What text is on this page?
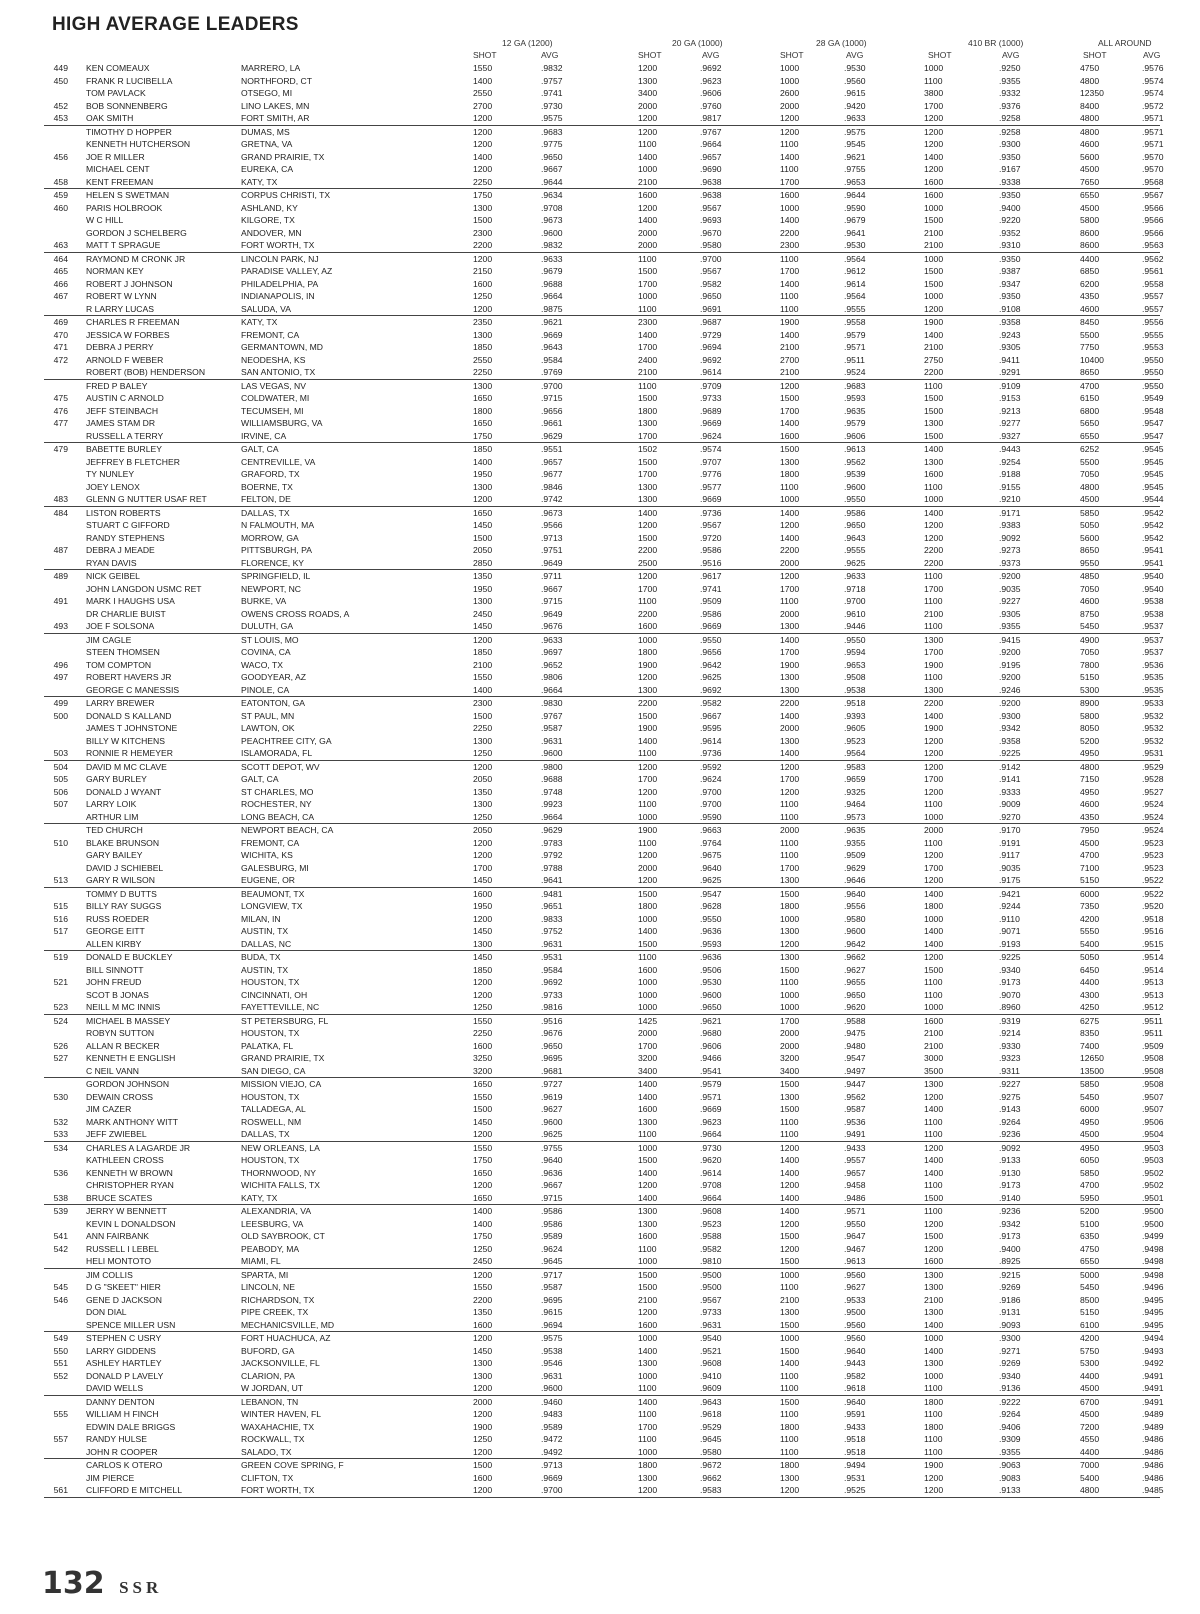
HIGH AVERAGE LEADERS
12 GA (1200)
SHOT	AVG
20 GA (1000)
SHOT	AVG
28 GA (1000)
SHOT	AVG
410 BR (1000)
SHOT	AVG
ALL AROUND
SHOT	AVG
449 KEN COMEAUX	MARRERO, LA	1550	.9832	1200	.9692	1000	.9530	1000	.9250	4750	.9576
450 FRANK R LUCIBELLA	NORTHFORD, CT	1400	.9757	1300	.9623	1000	.9560	1100	.9355	4800	.9574
TOM PAVLACK	OTSEGO, MI	2550	.9741	3400	.9606	2600	.9615	3800	.9332	12350	.9574
452 BOB SONNENBERG	LINO LAKES, MN	2700	.9730	2000	.9760	2000	.9420	1700	.9376	8400	.9572
453 OAK SMITH	FORT SMITH, AR	1200	.9575	1200	.9817	1200	.9633	1200	.9258	4800	.9571
TIMOTHY D HOPPER	DUMAS, MS	1200	.9683	1200	.9767	1200	.9575	1200	.9258	4800	.9571
KENNETH HUTCHERSON	GRETNA, VA	1200	.9775	1100	.9664	1100	.9545	1200	.9300	4600	.9571
456 JOE R MILLER	GRAND PRAIRIE, TX	1400	.9650	1400	.9657	1400	.9621	1400	.9350	5600	.9570
MICHAEL CENT	EUREKA, CA	1200	.9667	1000	.9690	1100	.9755	1200	.9167	4500	.9570
458 KENT FREEMAN	KATY, TX	2250	.9644	2100	.9638	1700	.9653	1600	.9338	7650	.9568
459 HELEN S SWETMAN	CORPUS CHRISTI, TX	1750	.9634	1600	.9638	1600	.9644	1600	.9350	6550	.9567
460 PARIS HOLBROOK	ASHLAND, KY	1300	.9708	1200	.9567	1000	.9590	1000	.9400	4500	.9566
W C HILL	KILGORE, TX	1500	.9673	1400	.9693	1400	.9679	1500	.9220	5800	.9566
GORDON J SCHELBERG	ANDOVER, MN	2300	.9600	2000	.9670	2200	.9641	2100	.9352	8600	.9566
463 MATT T SPRAGUE	FORT WORTH, TX	2200	.9832	2000	.9580	2300	.9530	2100	.9310	8600	.9563
464 RAYMOND M CRONK JR	LINCOLN PARK, NJ	1200	.9633	1100	.9700	1100	.9564	1000	.9350	4400	.9562
465 NORMAN KEY	PARADISE VALLEY, AZ	2150	.9679	1500	.9567	1700	.9612	1500	.9387	6850	.9561
466 ROBERT J JOHNSON	PHILADELPHIA, PA	1600	.9688	1700	.9582	1400	.9614	1500	.9347	6200	.9558
467 ROBERT W LYNN	INDIANAPOLIS, IN	1250	.9664	1000	.9650	1100	.9564	1000	.9350	4350	.9557
R LARRY LUCAS	SALUDA, VA	1200	.9875	1100	.9691	1100	.9555	1200	.9108	4600	.9557
469 CHARLES R FREEMAN	KATY, TX	2350	.9621	2300	.9687	1900	.9558	1900	.9358	8450	.9556
470 JESSICA W FORBES	FREMONT, CA	1300	.9669	1400	.9729	1400	.9579	1400	.9243	5500	.9555
471 DEBRA J PERRY	GERMANTOWN, MD	1850	.9643	1700	.9694	2100	.9571	2100	.9305	7750	.9553
472 ARNOLD F WEBER	NEODESHA, KS	2550	.9584	2400	.9692	2700	.9511	2750	.9411	10400	.9550
ROBERT (BOB) HENDERSON	SAN ANTONIO, TX	2250	.9769	2100	.9614	2100	.9524	2200	.9291	8650	.9550
FRED P BALEY	LAS VEGAS, NV	1300	.9700	1100	.9709	1200	.9683	1100	.9109	4700	.9550
475 AUSTIN C ARNOLD	COLDWATER, MI	1650	.9715	1500	.9733	1500	.9593	1500	.9153	6150	.9549
476 JEFF STEINBACH	TECUMSEH, MI	1800	.9656	1800	.9689	1700	.9635	1500	.9213	6800	.9548
477 JAMES STAM DR	WILLIAMSBURG, VA	1650	.9661	1300	.9669	1400	.9579	1300	.9277	5650	.9547
RUSSELL A TERRY	IRVINE, CA	1750	.9629	1700	.9624	1600	.9606	1500	.9327	6550	.9547
479 BABETTE BURLEY	GALT, CA	1850	.9551	1502	.9574	1500	.9613	1400	.9443	6252	.9545
JEFFREY B FLETCHER	CENTREVILLE, VA	1400	.9657	1500	.9707	1300	.9562	1300	.9254	5500	.9545
TY NUNLEY	GRAFORD, TX	1950	.9677	1700	.9776	1800	.9539	1600	.9188	7050	.9545
JOEY LENOX	BOERNE, TX	1300	.9846	1300	.9577	1100	.9600	1100	.9155	4800	.9545
483 GLENN G NUTTER USAF RET	FELTON, DE	1200	.9742	1300	.9669	1000	.9550	1000	.9210	4500	.9544
484 LISTON ROBERTS	DALLAS, TX	1650	.9673	1400	.9736	1400	.9586	1400	.9171	5850	.9542
STUART C GIFFORD	N FALMOUTH, MA	1450	.9566	1200	.9567	1200	.9650	1200	.9383	5050	.9542
RANDY STEPHENS	MORROW, GA	1500	.9713	1500	.9720	1400	.9643	1200	.9092	5600	.9542
487 DEBRA J MEADE	PITTSBURGH, PA	2050	.9751	2200	.9586	2200	.9555	2200	.9273	8650	.9541
RYAN DAVIS	FLORENCE, KY	2850	.9649	2500	.9516	2000	.9625	2200	.9373	9550	.9541
489 NICK GEIBEL	SPRINGFIELD, IL	1350	.9711	1200	.9617	1200	.9633	1100	.9200	4850	.9540
JOHN LANGDON USMC RET	NEWPORT, NC	1950	.9667	1700	.9741	1700	.9718	1700	.9035	7050	.9540
491 MARK I HAUGHS USA	BURKE, VA	1300	.9715	1100	.9509	1100	.9700	1100	.9227	4600	.9538
DR CHARLIE BUIST	OWENS CROSS ROADS, A	2450	.9649	2200	.9586	2000	.9610	2100	.9305	8750	.9538
493 JOE F SOLSONA	DULUTH, GA	1450	.9676	1600	.9669	1300	.9446	1100	.9355	5450	.9537
JIM CAGLE	ST LOUIS, MO	1200	.9633	1000	.9550	1400	.9550	1300	.9415	4900	.9537
STEEN THOMSEN	COVINA, CA	1850	.9697	1800	.9656	1700	.9594	1700	.9200	7050	.9537
496 TOM COMPTON	WACO, TX	2100	.9652	1900	.9642	1900	.9653	1900	.9195	7800	.9536
497 ROBERT HAVERS JR	GOODYEAR, AZ	1550	.9806	1200	.9625	1300	.9508	1100	.9200	5150	.9535
GEORGE C MANESSIS	PINOLE, CA	1400	.9664	1300	.9692	1300	.9538	1300	.9246	5300	.9535
499 LARRY BREWER	EATONTON, GA	2300	.9830	2200	.9582	2200	.9518	2200	.9200	8900	.9533
500 DONALD S KALLAND	ST PAUL, MN	1500	.9767	1500	.9667	1400	.9393	1400	.9300	5800	.9532
JAMES T JOHNSTONE	LAWTON, OK	2250	.9587	1900	.9595	2000	.9605	1900	.9342	8050	.9532
BILLY W KITCHENS	PEACHTREE CITY, GA	1300	.9631	1400	.9614	1300	.9523	1200	.9358	5200	.9532
503 RONNIE R HEMEYER	ISLAMORADA, FL	1250	.9600	1100	.9736	1400	.9564	1200	.9225	4950	.9531
504 DAVID M MC CLAVE	SCOTT DEPOT, WV	1200	.9800	1200	.9592	1200	.9583	1200	.9142	4800	.9529
505 GARY BURLEY	GALT, CA	2050	.9688	1700	.9624	1700	.9659	1700	.9141	7150	.9528
506 DONALD J WYANT	ST CHARLES, MO	1350	.9748	1200	.9700	1200	.9325	1200	.9333	4950	.9527
507 LARRY LOIK	ROCHESTER, NY	1300	.9923	1100	.9700	1100	.9464	1100	.9009	4600	.9524
ARTHUR LIM	LONG BEACH, CA	1250	.9664	1000	.9590	1100	.9573	1000	.9270	4350	.9524
TED CHURCH	NEWPORT BEACH, CA	2050	.9629	1900	.9663	2000	.9635	2000	.9170	7950	.9524
510 BLAKE BRUNSON	FREMONT, CA	1200	.9783	1100	.9764	1100	.9355	1100	.9191	4500	.9523
GARY BAILEY	WICHITA, KS	1200	.9792	1200	.9675	1100	.9509	1200	.9117	4700	.9523
DAVID J SCHIEBEL	GALESBURG, MI	1700	.9788	2000	.9640	1700	.9629	1700	.9035	7100	.9523
513 GARY R WILSON	EUGENE, OR	1450	.9641	1200	.9625	1300	.9646	1200	.9175	5150	.9522
TOMMY D BUTTS	BEAUMONT, TX	1600	.9481	1500	.9547	1500	.9640	1400	.9421	6000	.9522
515 BILLY RAY SUGGS	LONGVIEW, TX	1950	.9651	1800	.9628	1800	.9556	1800	.9244	7350	.9520
516 RUSS ROEDER	MILAN, IN	1200	.9833	1000	.9550	1000	.9580	1000	.9110	4200	.9518
517 GEORGE EITT	AUSTIN, TX	1450	.9752	1400	.9636	1300	.9600	1400	.9071	5550	.9516
ALLEN KIRBY	DALLAS, NC	1300	.9631	1500	.9593	1200	.9642	1400	.9193	5400	.9515
519 DONALD E BUCKLEY	BUDA, TX	1450	.9531	1100	.9636	1300	.9662	1200	.9225	5050	.9514
BILL SINNOTT	AUSTIN, TX	1850	.9584	1600	.9506	1500	.9627	1500	.9340	6450	.9514
521 JOHN FREUD	HOUSTON, TX	1200	.9692	1000	.9530	1100	.9655	1100	.9173	4400	.9513
SCOT B JONAS	CINCINNATI, OH	1200	.9733	1000	.9600	1000	.9650	1100	.9070	4300	.9513
523 NEILL M MC INNIS	FAYETTEVILLE, NC	1250	.9816	1000	.9650	1000	.9620	1000	.8960	4250	.9512
524 MICHAEL B MASSEY	ST PETERSBURG, FL	1550	.9516	1425	.9621	1700	.9588	1600	.9319	6275	.9511
ROBYN SUTTON	HOUSTON, TX	2250	.9676	2000	.9680	2000	.9475	2100	.9214	8350	.9511
526 ALLAN R BECKER	PALATKA, FL	1600	.9650	1700	.9606	2000	.9480	2100	.9330	7400	.9509
527 KENNETH E ENGLISH	GRAND PRAIRIE, TX	3250	.9695	3200	.9466	3200	.9547	3000	.9323	12650	.9508
C NEIL VANN	SAN DIEGO, CA	3200	.9681	3400	.9541	3400	.9497	3500	.9311	13500	.9508
GORDON JOHNSON	MISSION VIEJO, CA	1650	.9727	1400	.9579	1500	.9447	1300	.9227	5850	.9508
530 DEWAIN CROSS	HOUSTON, TX	1550	.9619	1400	.9571	1300	.9562	1200	.9275	5450	.9507
JIM CAZER	TALLADEGA, AL	1500	.9627	1600	.9669	1500	.9587	1400	.9143	6000	.9507
532 MARK ANTHONY WITT	ROSWELL, NM	1450	.9600	1300	.9623	1100	.9536	1100	.9264	4950	.9506
533 JEFF ZWIEBEL	DALLAS, TX	1200	.9625	1100	.9664	1100	.9491	1100	.9236	4500	.9504
534 CHARLES A LAGARDE JR	NEW ORLEANS, LA	1550	.9755	1000	.9730	1200	.9433	1200	.9092	4950	.9503
KATHLEEN CROSS	HOUSTON, TX	1750	.9640	1500	.9620	1400	.9557	1400	.9133	6050	.9503
536 KENNETH W BROWN	THORNWOOD, NY	1650	.9636	1400	.9614	1400	.9657	1400	.9130	5850	.9502
CHRISTOPHER RYAN	WICHITA FALLS, TX	1200	.9667	1200	.9708	1200	.9458	1100	.9173	4700	.9502
538 BRUCE SCATES	KATY, TX	1650	.9715	1400	.9664	1400	.9486	1500	.9140	5950	.9501
539 JERRY W BENNETT	ALEXANDRIA, VA	1400	.9586	1300	.9608	1400	.9571	1100	.9236	5200	.9500
KEVIN L DONALDSON	LEESBURG, VA	1400	.9586	1300	.9523	1200	.9550	1200	.9342	5100	.9500
541 ANN FAIRBANK	OLD SAYBROOK, CT	1750	.9589	1600	.9588	1500	.9647	1500	.9173	6350	.9499
542 RUSSELL I LEBEL	PEABODY, MA	1250	.9624	1100	.9582	1200	.9467	1200	.9400	4750	.9498
HELI MONTOTO	MIAMI, FL	2450	.9645	1000	.9810	1500	.9613	1600	.8925	6550	.9498
JIM COLLIS	SPARTA, MI	1200	.9717	1500	.9500	1000	.9560	1300	.9215	5000	.9498
545 D G "SKEET" HIER	LINCOLN, NE	1550	.9587	1500	.9500	1100	.9627	1300	.9269	5450	.9496
546 GENE D JACKSON	RICHARDSON, TX	2200	.9695	2100	.9567	2100	.9533	2100	.9186	8500	.9495
DON DIAL	PIPE CREEK, TX	1350	.9615	1200	.9733	1300	.9500	1300	.9131	5150	.9495
SPENCE MILLER USN	MECHANICSVILLE, MD	1600	.9694	1600	.9631	1500	.9560	1400	.9093	6100	.9495
549 STEPHEN C USRY	FORT HUACHUCA, AZ	1200	.9575	1000	.9540	1000	.9560	1000	.9300	4200	.9494
550 LARRY GIDDENS	BUFORD, GA	1450	.9538	1400	.9521	1500	.9640	1400	.9271	5750	.9493
551 ASHLEY HARTLEY	JACKSONVILLE, FL	1300	.9546	1300	.9608	1400	.9443	1300	.9269	5300	.9492
552 DONALD P LAVELY	CLARION, PA	1300	.9631	1000	.9410	1100	.9582	1000	.9340	4400	.9491
DAVID WELLS	W JORDAN, UT	1200	.9600	1100	.9609	1100	.9618	1100	.9136	4500	.9491
DANNY DENTON	LEBANON, TN	2000	.9460	1400	.9643	1500	.9640	1800	.9222	6700	.9491
555 WILLIAM H FINCH	WINTER HAVEN, FL	1200	.9483	1100	.9618	1100	.9591	1100	.9264	4500	.9489
EDWIN DALE BRIGGS	WAXAHACHIE, TX	1900	.9589	1700	.9529	1800	.9433	1800	.9406	7200	.9489
557 RANDY HULSE	ROCKWALL, TX	1250	.9472	1100	.9645	1100	.9518	1100	.9309	4550	.9486
JOHN R COOPER	SALADO, TX	1200	.9492	1000	.9580	1100	.9518	1100	.9355	4400	.9486
CARLOS K OTERO	GREEN COVE SPRING, F	1500	.9713	1800	.9672	1800	.9494	1900	.9063	7000	.9486
JIM PIERCE	CLIFTON, TX	1600	.9669	1300	.9662	1300	.9531	1200	.9083	5400	.9486
561 CLIFFORD E MITCHELL	FORT WORTH, TX	1200	.9700	1200	.9583	1200	.9525	1200	.9133	4800	.9485
132 SSR
